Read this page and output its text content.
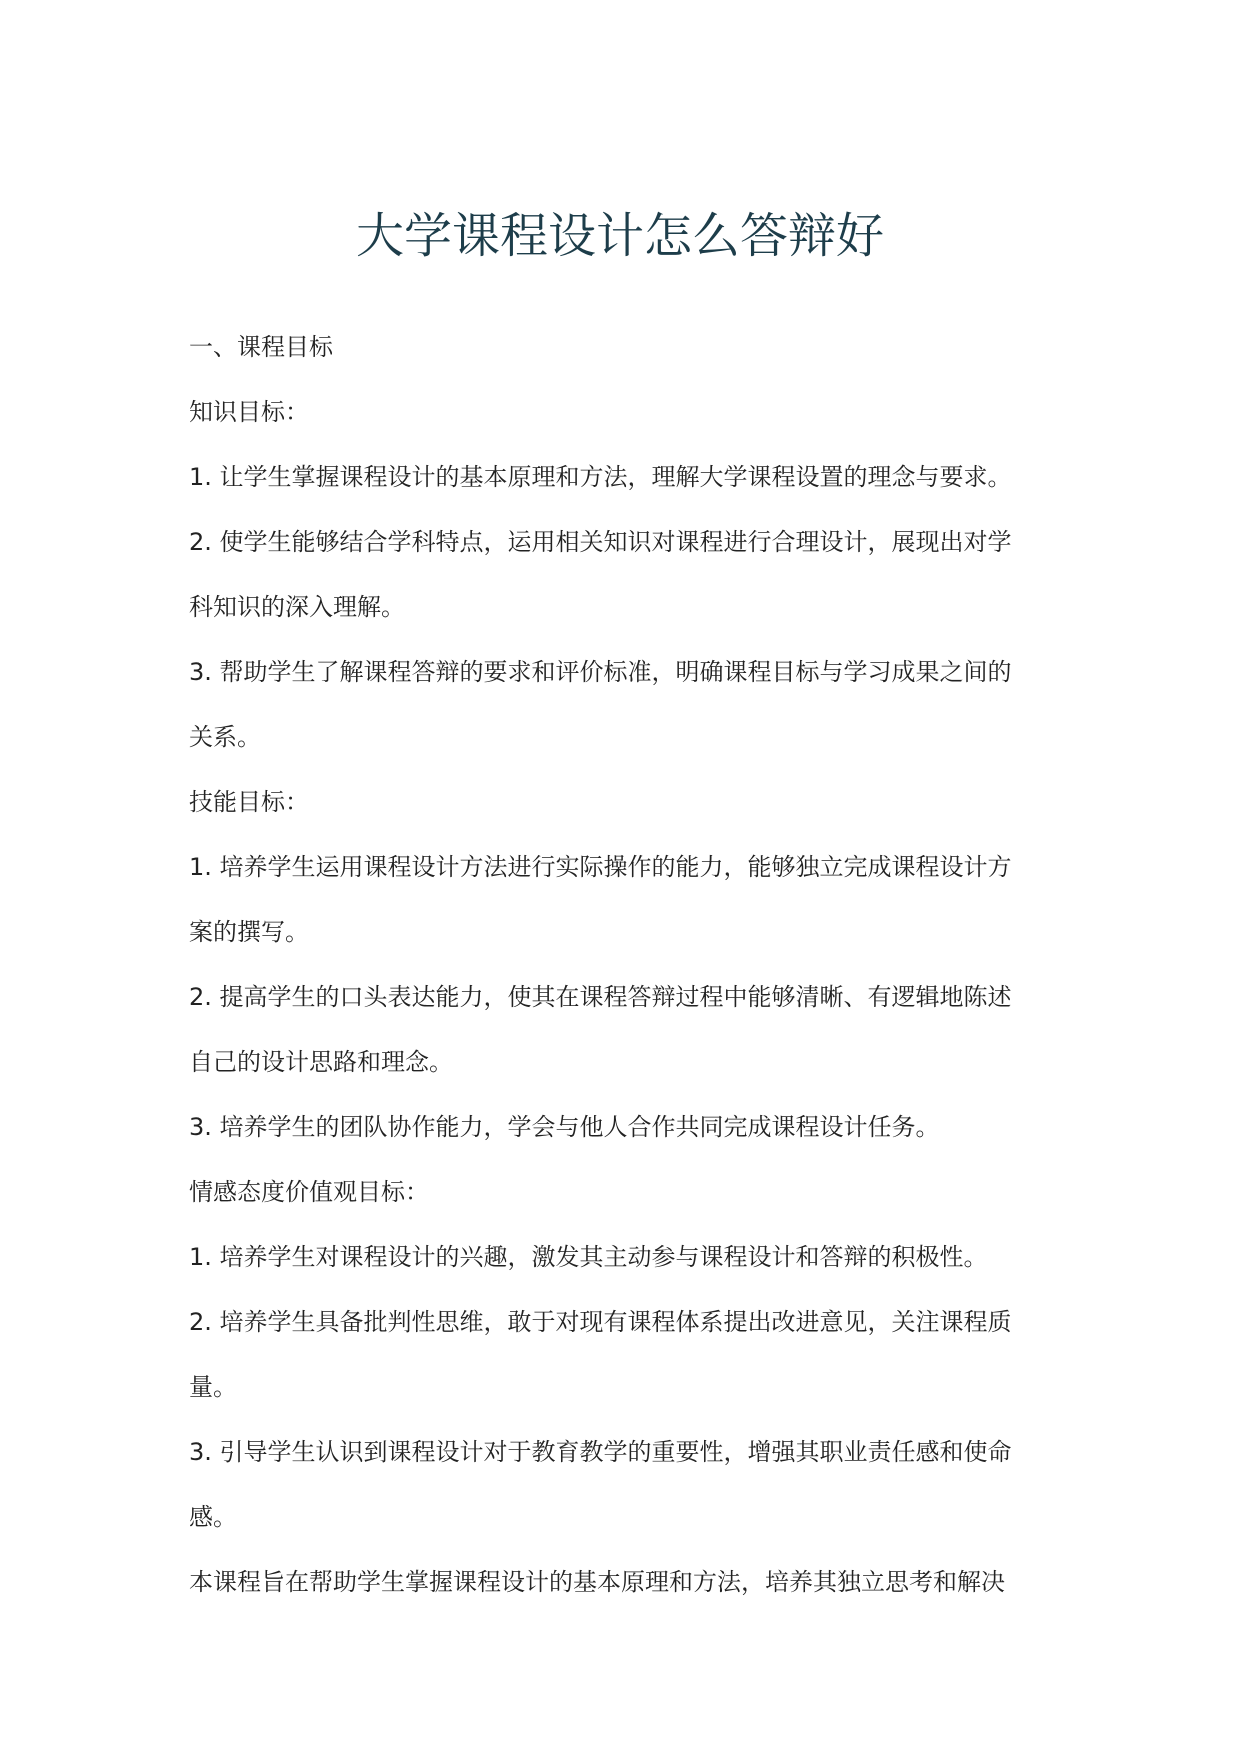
大学课程设计怎么答辩好
一、课程目标
知识目标：
1. 让学生掌握课程设计的基本原理和方法，理解大学课程设置的理念与要求。
2. 使学生能够结合学科特点，运用相关知识对课程进行合理设计，展现出对学
科知识的深入理解。
3. 帮助学生了解课程答辩的要求和评价标准，明确课程目标与学习成果之间的
关系。
技能目标：
1. 培养学生运用课程设计方法进行实际操作的能力，能够独立完成课程设计方
案的撰写。
2. 提高学生的口头表达能力，使其在课程答辩过程中能够清晰、有逻辑地陈述
自己的设计思路和理念。
3. 培养学生的团队协作能力，学会与他人合作共同完成课程设计任务。
情感态度价值观目标：
1. 培养学生对课程设计的兴趣，激发其主动参与课程设计和答辩的积极性。
2. 培养学生具备批判性思维，敢于对现有课程体系提出改进意见，关注课程质
量。
3. 引导学生认识到课程设计对于教育教学的重要性，增强其职业责任感和使命
感。
本课程旨在帮助学生掌握课程设计的基本原理和方法，培养其独立思考和解决
